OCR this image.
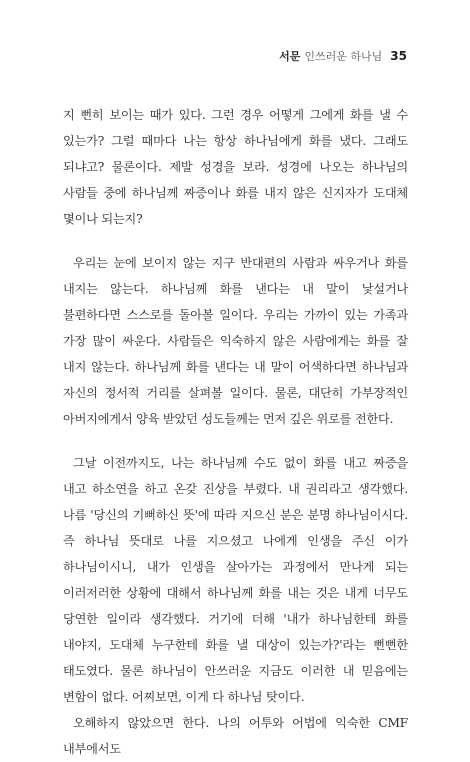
서문 인쓰러운 하나님 35

지 뻔히 보이는 때가 있다. 그런 경우 어떻게 그에게 화를 낼 수 있는가? 그럴 때마다 나는 항상 하나님에게 화를 냈다. 그래도 되냐고? 물론이다. 제발 성경을 보라. 성경에 나오는 하나님의 사람들 중에 하나님께 짜증이나 화를 내지 않은 신지자가 도대체 몇이나 되는지?

우리는 눈에 보이지 않는 지구 반대편의 사람과 싸우거나 화를 내지는 않는다. 하나님께 화를 낸다는 내 말이 낯설거나 불편하다면 스스로를 돌아볼 일이다. 우리는 가까이 있는 가족과 가장 많이 싸운다. 사람들은 익숙하지 않은 사람에게는 화를 잘 내지 않는다. 하나님께 화를 낸다는 내 말이 어색하다면 하나님과 자신의 정서적 거리를 살펴볼 일이다. 물론, 대단히 가부장적인 아버지에게서 양육 받았던 성도들께는 먼저 깊은 위로를 전한다.

그날 이전까지도, 나는 하나님께 수도 없이 화를 내고 짜증을 내고 하소연을 하고 온갖 진상을 부렸다. 내 권리라고 생각했다. 나름 '당신의 기뻐하신 뜻'에 따라 지으신 분은 분명 하나님이시다. 즉 하나님 뜻대로 나를 지으셨고 나에게 인생을 주신 이가 하나님이시니, 내가 인생을 살아가는 과정에서 만나게 되는 이러저러한 상황에 대해서 하나님께 화를 내는 것은 내게 너무도 당연한 일이라 생각했다. 거기에 더해 '내가 하나님한테 화를 내야지, 도대체 누구한테 화를 낼 대상이 있는가?'라는 뻔뻔한 태도였다. 물론 하나님이 안쓰러운 지금도 이러한 내 믿음에는 변함이 없다. 어찌보면, 이게 다 하나님 탓이다.

오해하지 않았으면 한다. 나의 어투와 어법에 익숙한 CMF 내부에서도
